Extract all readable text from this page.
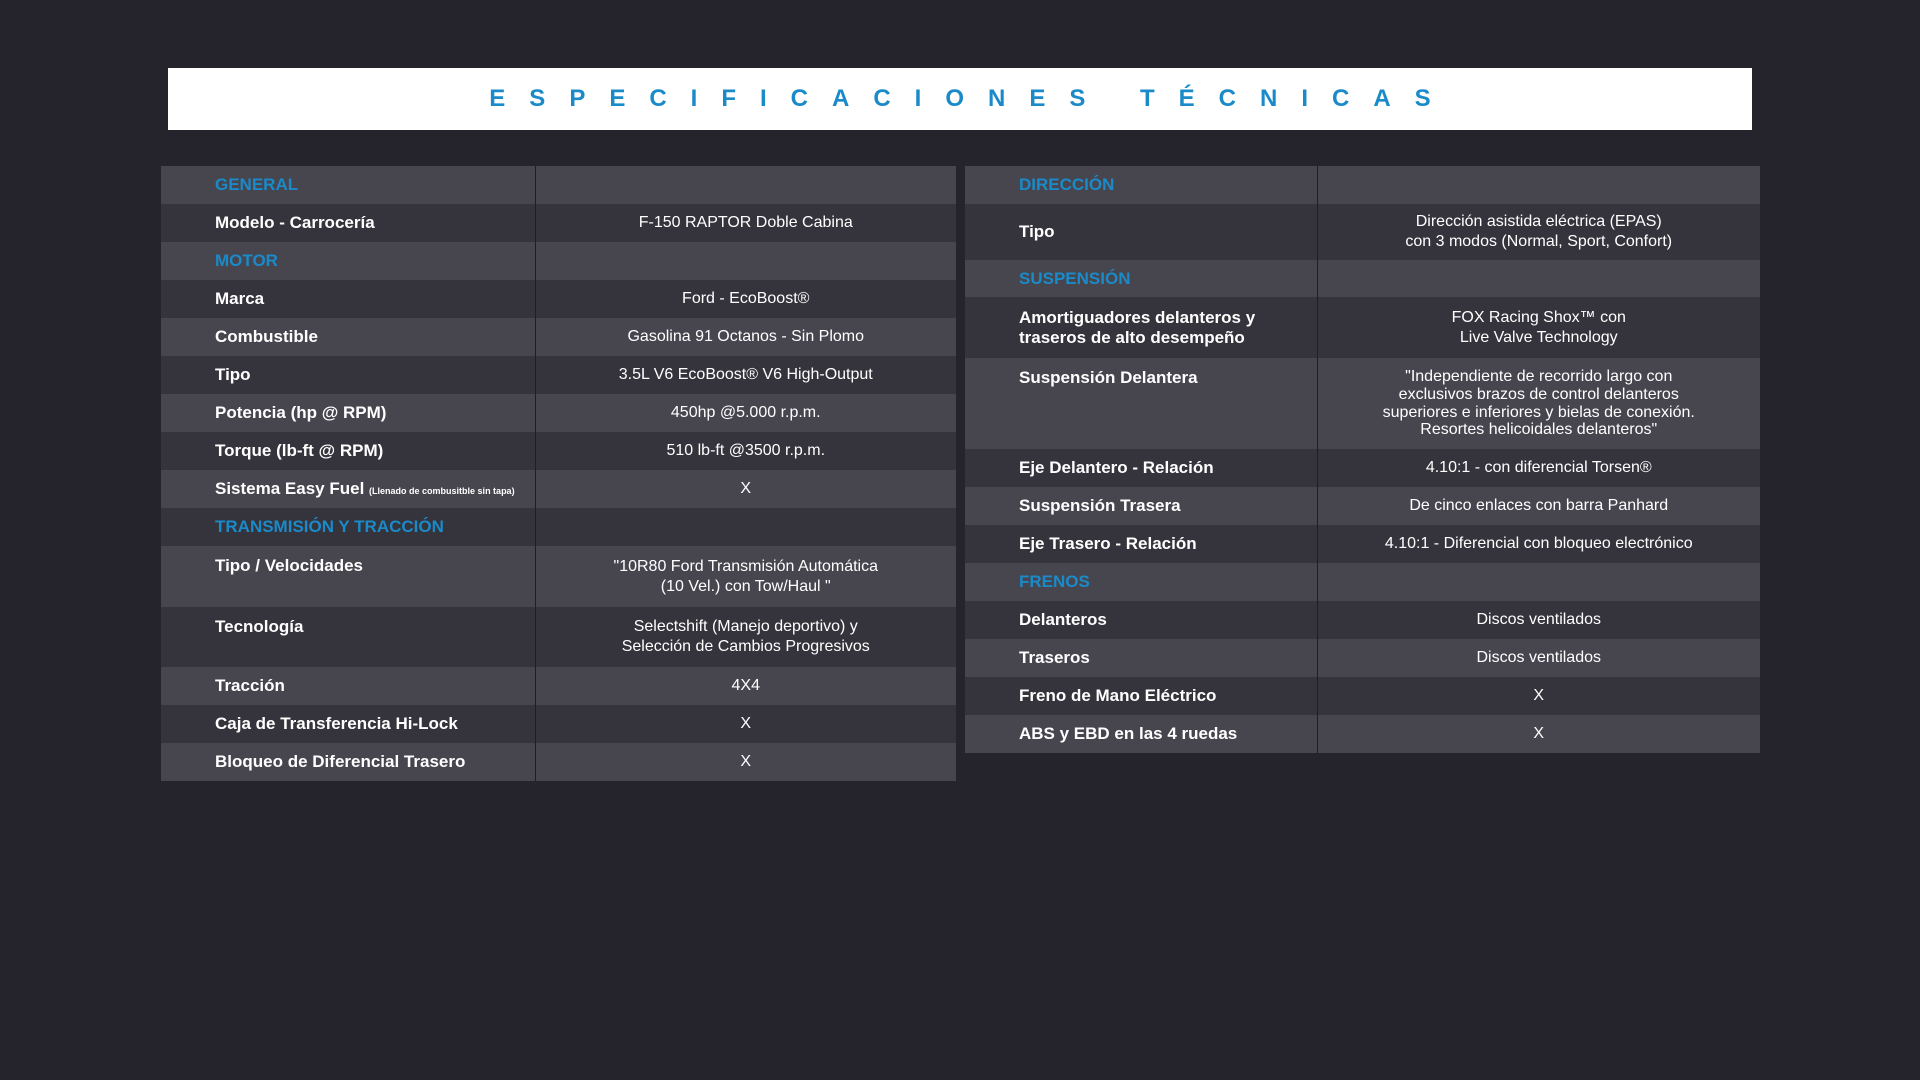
ESPECIFICACIONES TÉCNICAS
GENERAL	
Modelo - Carrocería	F-150 RAPTOR Doble Cabina
MOTOR	
Marca	Ford - EcoBoost®
Combustible	Gasolina 91 Octanos - Sin Plomo
Tipo	3.5L V6 EcoBoost® V6 High-Output
Potencia (hp @ RPM)	450hp @5.000 r.p.m.
Torque (lb-ft @ RPM)	510 lb-ft @3500 r.p.m.
Sistema Easy Fuel (Llenado de combusitble sin tapa)	X
TRANSMISIÓN Y TRACCIÓN	
Tipo / Velocidades	"10R80 Ford Transmisión Automática
(10 Vel.) con Tow/Haul "

Tecnología	Selectshift (Manejo deportivo) y
Selección de Cambios Progresivos

Tracción	4X4
Caja de Transferencia Hi-Lock	X
Bloqueo de Diferencial Trasero	X
DIRECCIÓN	
Tipo	Dirección asistida eléctrica (EPAS)
con 3 modos (Normal, Sport, Confort)

SUSPENSIÓN	

Amortiguadores delanteros y
traseros de alto desempeño	FOX Racing Shox™ con
Live Valve Technology

Suspensión Delantera	"Independiente de recorrido largo con
exclusivos brazos de control delanteros
superiores e inferiores y bielas de conexión.
Resortes helicoidales delanteros"

Eje Delantero - Relación	4.10:1 - con diferencial Torsen®
Suspensión Trasera	De cinco enlaces con barra Panhard
Eje Trasero - Relación	4.10:1 - Diferencial con bloqueo electrónico
FRENOS	
Delanteros	Discos ventilados
Traseros	Discos ventilados
Freno de Mano Eléctrico	X
ABS y EBD en las 4 ruedas	X
